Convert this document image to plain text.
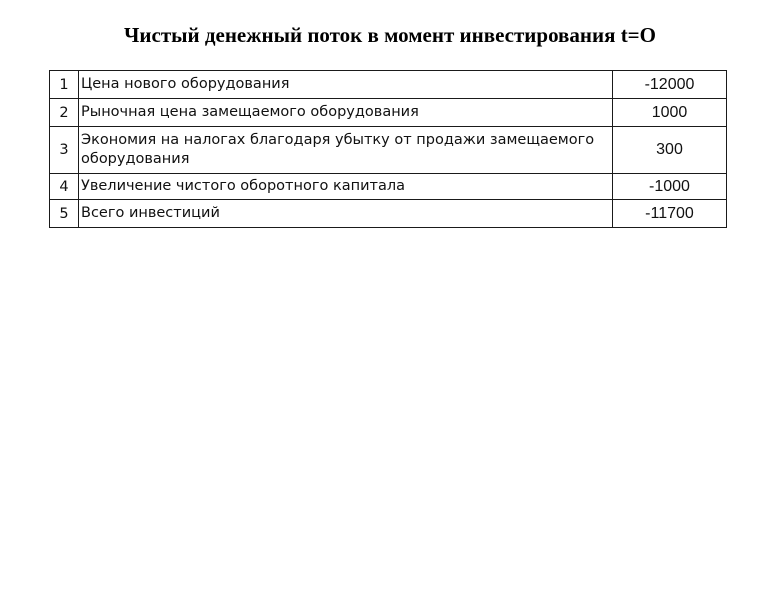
Чистый денежный поток в момент инвестирования t=O
1	Цена нового оборудования	-12000
2	Рыночная цена замещаемого оборудования	1000
3	Экономия на налогах благодаря убытку от продажи замещаемого оборудования	300
4	Увеличение чистого оборотного капитала	-1000
5	Всего инвестиций	-11700
